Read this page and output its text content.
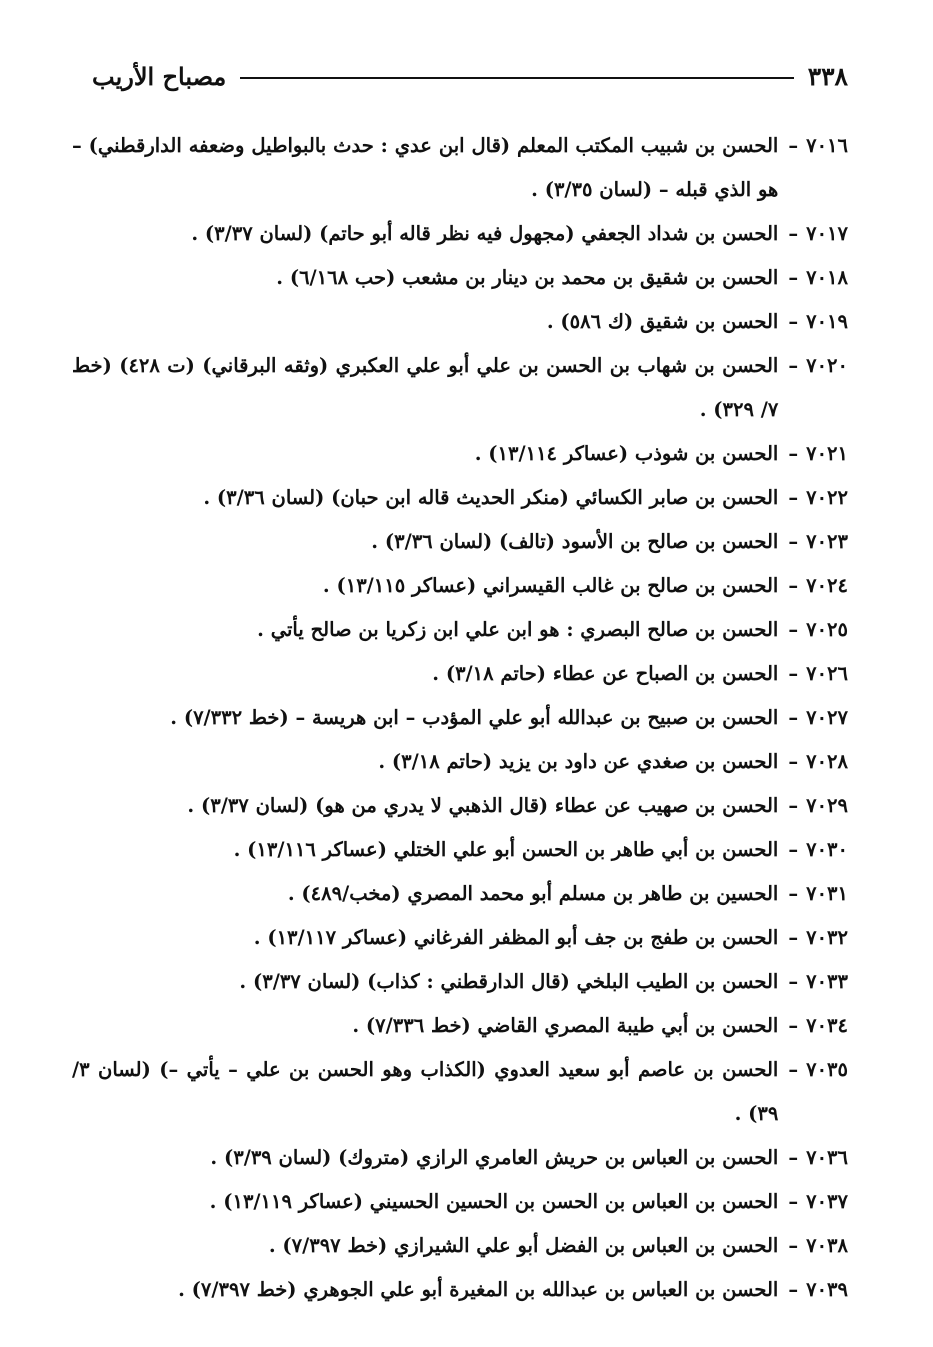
٣٣٨
مصباح الأريب
٧٠١٦
–
الحسن بن شبيب المكتب المعلم (قال ابن عدي : حدث بالبواطيل وضعفه الدارقطني) – هو الذي قبله – (لسان ٣/٣٥) .
٧٠١٧
–
الحسن بن شداد الجعفي (مجهول فيه نظر قاله أبو حاتم) (لسان ٣/٣٧) .
٧٠١٨
–
الحسن بن شقيق بن محمد بن دينار بن مشعب (حب ٦/١٦٨) .
٧٠١٩
–
الحسن بن شقيق (ك ٥٨٦) .
٧٠٢٠
–
الحسن بن شهاب بن الحسن بن علي أبو علي العكبري (وثقه البرقاني) (ت ٤٢٨) (خط ٧/ ٣٢٩) .
٧٠٢١
–
الحسن بن شوذب (عساكر ١٣/١١٤) .
٧٠٢٢
–
الحسن بن صابر الكسائي (منكر الحديث قاله ابن حبان) (لسان ٣/٣٦) .
٧٠٢٣
–
الحسن بن صالح بن الأسود (تالف) (لسان ٣/٣٦) .
٧٠٢٤
–
الحسن بن صالح بن غالب القيسراني (عساكر ١٣/١١٥) .
٧٠٢٥
–
الحسن بن صالح البصري : هو ابن علي ابن زكريا بن صالح يأتي .
٧٠٢٦
–
الحسن بن الصباح عن عطاء (حاتم ٣/١٨) .
٧٠٢٧
–
الحسن بن صبيح بن عبدالله أبو علي المؤدب – ابن هريسة – (خط ٧/٣٣٢) .
٧٠٢٨
–
الحسن بن صغدي عن داود بن يزيد (حاتم ٣/١٨) .
٧٠٢٩
–
الحسن بن صهيب عن عطاء (قال الذهبي لا يدري من هو) (لسان ٣/٣٧) .
٧٠٣٠
–
الحسن بن أبي طاهر بن الحسن أبو علي الختلي (عساكر ١٣/١١٦) .
٧٠٣١
–
الحسين بن طاهر بن مسلم أبو محمد المصري (مخب/٤٨٩) .
٧٠٣٢
–
الحسن بن طفج بن جف أبو المظفر الفرغاني (عساكر ١٣/١١٧) .
٧٠٣٣
–
الحسن بن الطيب البلخي (قال الدارقطني : كذاب) (لسان ٣/٣٧) .
٧٠٣٤
–
الحسن بن أبي طيبة المصري القاضي (خط ٧/٣٣٦) .
٧٠٣٥
–
الحسن بن عاصم أبو سعيد العدوي (الكذاب وهو الحسن بن علي – يأتي –) (لسان ٣/ ٣٩) .
٧٠٣٦
–
الحسن بن العباس بن حريش العامري الرازي (متروك) (لسان ٣/٣٩) .
٧٠٣٧
–
الحسن بن العباس بن الحسن بن الحسين الحسيني (عساكر ١٣/١١٩) .
٧٠٣٨
–
الحسن بن العباس بن الفضل أبو علي الشيرازي (خط ٧/٣٩٧) .
٧٠٣٩
–
الحسن بن العباس بن عبدالله بن المغيرة أبو علي الجوهري (خط ٧/٣٩٧) .
